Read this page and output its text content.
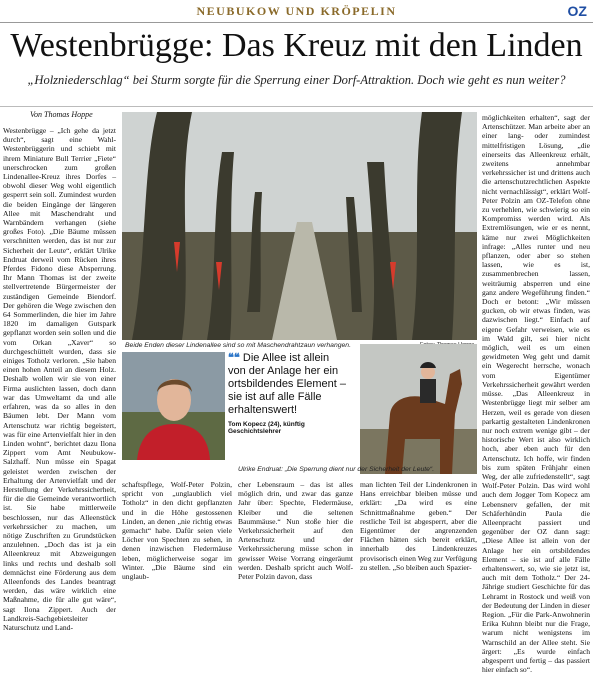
NEUBUKOW UND KRÖPELIN	OZ
Westenbrügge: Das Kreuz mit den Linden
„Holzniederschlag“ bei Sturm sorgte für die Sperrung einer Dorf-Attraktion. Doch wie geht es nun weiter?
Von Thomas Hoppe
Westenbrügge – „Ich gehe da jetzt durch“, sagt eine Wahl-Westenbrüggerin und schiebt mit ihrem Miniature Bull Terrier „Fiete“ unerschrocken zum großen Lindenallee-Kreuz ihres Dorfes – obwohl dieser Weg wohl eigentlich gesperrt sein soll. Zumindest wurden die beiden Eingänge der längeren Allee mit Maschendraht und Warnbändern verhangen (siehe großes Foto). „Die Bäume müssen verschnitten werden, das ist nur zur Sicherheit der Leute“, erklärt Ulrike Endruat derweil vom Rücken ihres Pferdes Fidono diese Absperrung. Ihr Mann Thomas ist der zweite stellvertretende Bürgermeister der zuständigen Gemeinde Biendorf. Der gehören die Wege zwischen den 64 Sommerlinden, die hier im Jahre 1820 im damaligen Gutspark gepflanzt worden sein sollen und die vom Orkan „Xaver“ so durchgeschüttelt wurden, dass sie einiges Totholz verloren. „Sie haben einen hohen Anteil an diesem Holz. Deshalb wollen wir sie von einer Firma auslichten lassen, doch dann war das Umweltamt da und alle erfahren, was da so alles in den Bäumen lebt. Der Mann vom Artenschutz war richtig begeistert, was für eine Artenvielfalt hier in den Linden wohnt“, berichtet dazu Ilona Zippert vom Amt Neubukow-Salzhaff. Nun müsse ein Spagat geleistet werden zwischen der Erhaltung der Artenvielfalt und der Herstellung der Verkehrssicherheit, für die die Gemeinde verantwortlich ist. Sie habe mittlerweile beschlossen, nur das Alleenstück verkehrssicher zu machen, um nötige Zuschriften zu Grundstücken anzulehnen. „Doch das ist ja ein Alleenkreuz mit Abzweigungen links und rechts und deshalb soll demnächst eine Förderung aus dem Alleenfonds des Landes beantragt werden, das wäre wirklich eine Maßnahme, die für alle gut wäre“, sagt Ilona Zippert. Auch der Landkreis-Sachgebietsleiter Naturschutz und Land-
Beide Enden dieser Lindenallee sind so mit Maschendrahtzaun verhangen.
❝❝ Die Allee ist allein von der Anlage her ein ortsbildendes Element – sie ist auf alle Fälle erhaltenswert!
Tom Kopecz (24), künftig Geschichtslehrer
Ulrike Endruat: „Die Sperrung dient nur der Sicherheit der Leute“.
schaftspflege, Wolf-Peter Polzin, spricht von „unglaublich viel Totholz“ in den dicht gepflanzten und in die Höhe gestossenen Linden, an denen „nie richtig etwas gemacht“ habe. Dafür seien viele Löcher von Spechten zu sehen, in denen inzwischen Fledermäuse leben, möglicherweise sogar im Winter. „Die Bäume sind ein unglaub-
cher Lebensraum – das ist alles möglich drin, und zwar das ganze Jahr über: Spechte, Fledermäuse, Kleiber und die seltenen Baummäuse.“ Nun stoße hier die Verkehrssicherheit auf den Artenschutz und der Verkehrssicherung müsse schon in gewisser Weise Vorrang eingeräumt werden. Deshalb spricht auch Wolf-Peter Polzin davon, dass
man lichten Teil der Lindenkronen in Hans erreichbar bleiben müsse und erklärt: „Da wird es eine Schnittmaßnahme geben.“ Der restliche Teil ist abgesperrt, aber die Eigentümer der angrenzenden Flächen hätten sich bereit erklärt, innerhalb des Lindenkreuzes provisorisch einen Weg zur Verfügung zu stellen. „So bleiben auch Spazier-
möglichkeiten erhalten“, sagt der Artenschützer. Man arbeite aber an einer lang- oder zumindest mittelfristigen Lösung, „die einerseits das Alleenkreuz erhält, zweitens annehmbar verkehrssicher ist und drittens auch die artenschutzrechtlichen Aspekte nicht vernachlässigt“, erklärt Wolf-Peter Polzin am OZ-Telefon ohne zu verhehlen, wie schwierig so ein Kompromiss werden wird. Als Extremlösungen, wie er es nennt, käme nur zwei Möglichkeiten infrage: „Alles runter und neu pflanzen, oder aber so stehen lassen, wie es ist, zusammenbrechen lassen, weiträumig absperren und eine ganz andere Wegeführung finden.“ Doch er betont: „Wir müssen gucken, ob wir etwas finden, was dazwischen liegt.“ Einfach auf eigene Gefahr verweisen, wie es im Wald gilt, sei hier nicht möglich, weil es um einen gewidmeten Weg geht und damit ein Wegerecht herrsche, wonach vom Eigentümer Verkehrssicherheit gewährt werden müsse. „Das Alleenkreuz in Westenbrügge liegt mir selber am Herzen, weil es gerade von diesen parkartig gestalteten Lindenkronen nur noch extrem wenige gibt – der historische Wert ist also wirklich hoch, aber eben auch für den Artenschutz. Ich hoffe, wir finden bis zum späten Frühjahr einen Weg, der alle zufriedenstellt“, sagt Wolf-Peter Polzin. Das wird wohl auch dem Jogger Tom Kopecz am Lebensnerv gefallen, der mit Schäferhündin Paula die Alleenpracht passiert und gegenüber der OZ dann sagt: „Diese Allee ist allein von der Anlage her ein ortsbildendes Element – sie ist auf alle Fälle erhaltenswert, so, wie sie jetzt ist, auch mit dem Totholz.“ Der 24-Jährige studiert Geschichte für das Lehramt in Rostock und weiß von der Bedeutung der Linden in dieser Region. „Für die Park-Anwohnerin Erika Kuhnn bleibt nur die Frage, warum nicht wenigstens im Warnschild an der Allee steht. Sie ärgert: „Es wurde einfach abgesperrt und fertig – das passiert hier einfach so“.
